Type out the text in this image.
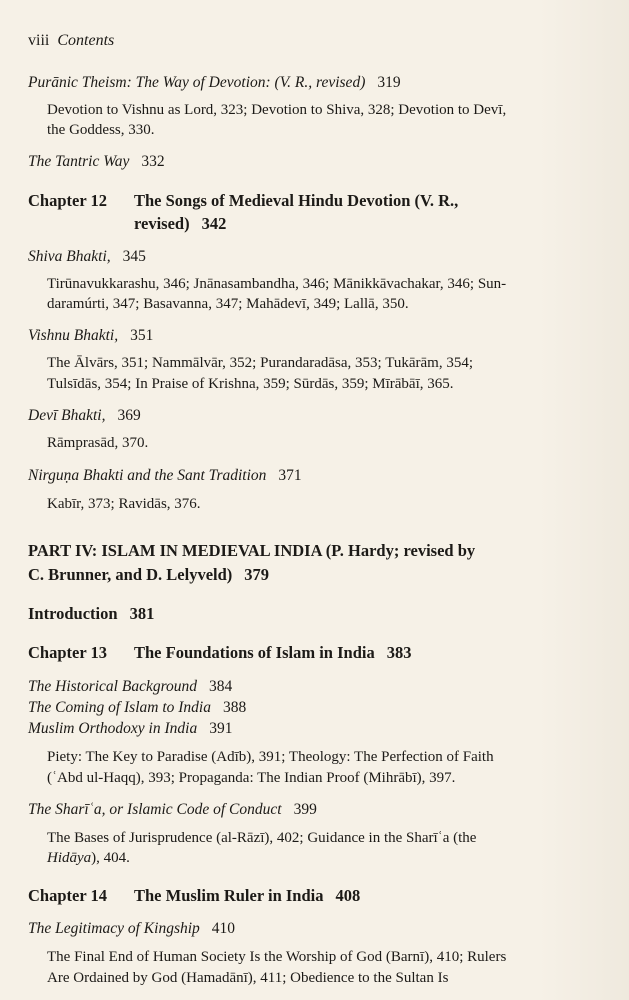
viii Contents
Purānic Theism: The Way of Devotion: (V. R., revised) 319
Devotion to Vishnu as Lord, 323; Devotion to Shiva, 328; Devotion to Devī,
the Goddess, 330.
The Tantric Way 332
Chapter 12 The Songs of Medieval Hindu Devotion (V. R.,
revised) 342
Shiva Bhakti, 345
Tirūnavukkarashu, 346; Jnānasambandha, 346; Mānikkāvachakar, 346; Sun-
daramúrti, 347; Basavanna, 347; Mahādevī, 349; Lallā, 350.
Vishnu Bhakti, 351
The Ālvārs, 351; Nammālvār, 352; Purandaradāsa, 353; Tukārām, 354;
Tulsīdās, 354; In Praise of Krishna, 359; Sūrdās, 359; Mīrābāī, 365.
Devī Bhakti, 369
Rāmprasād, 370.
Nirguṇa Bhakti and the Sant Tradition 371
Kabīr, 373; Ravidās, 376.
PART IV: ISLAM IN MEDIEVAL INDIA (P. Hardy; revised by
C. Brunner, and D. Lelyveld) 379
Introduction 381
Chapter 13 The Foundations of Islam in India 383
The Historical Background 384
The Coming of Islam to India 388
Muslim Orthodoxy in India 391
Piety: The Key to Paradise (Adīb), 391; Theology: The Perfection of Faith
(ʿAbd ul-Haqq), 393; Propaganda: The Indian Proof (Mihrābī), 397.
The Sharīʿa, or Islamic Code of Conduct 399
The Bases of Jurisprudence (al-Rāzī), 402; Guidance in the Sharīʿa (the
Hidāya), 404.
Chapter 14 The Muslim Ruler in India 408
The Legitimacy of Kingship 410
The Final End of Human Society Is the Worship of God (Barnī), 410; Rulers
Are Ordained by God (Hamadānī), 411; Obedience to the Sultan Is
